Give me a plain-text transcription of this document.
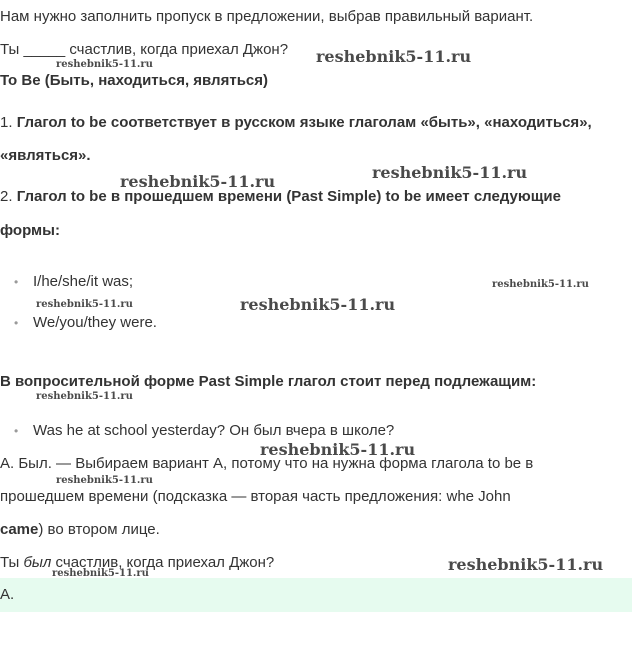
Нам нужно заполнить пропуск в предложении, выбрав правильный вариант.
Ты _____ счастлив, когда приехал Джон?
To Be (Быть, находиться, являться)
1. Глагол to be соответствует в русском языке глаголам «быть», «находиться»,
«являться».
2. Глагол to be в прошедшем времени (Past Simple) to be имеет следующие
формы:
• I/he/she/it was;
• We/you/they were.
В вопросительной форме Past Simple глагол стоит перед подлежащим:
• Was he at school yesterday? Он был вчера в школе?
A. Был. — Выбираем вариант А, потому что на нужна форма глагола to be в
прошедшем времени (подсказка — вторая часть предложения: whe John
came) во втором лице.
Ты был счастлив, когда приехал Джон?
A.
reshebnik5-11.ru
reshebnik5-11.ru
reshebnik5-11.ru
reshebnik5-11.ru
reshebnik5-11.ru
reshebnik5-11.ru	reshebnik5-11.ru
reshebnik5-11.ru
reshebnik5-11.ru
reshebnik5-11.ru
reshebnik5-11.ru
reshebnik5-11.ru
